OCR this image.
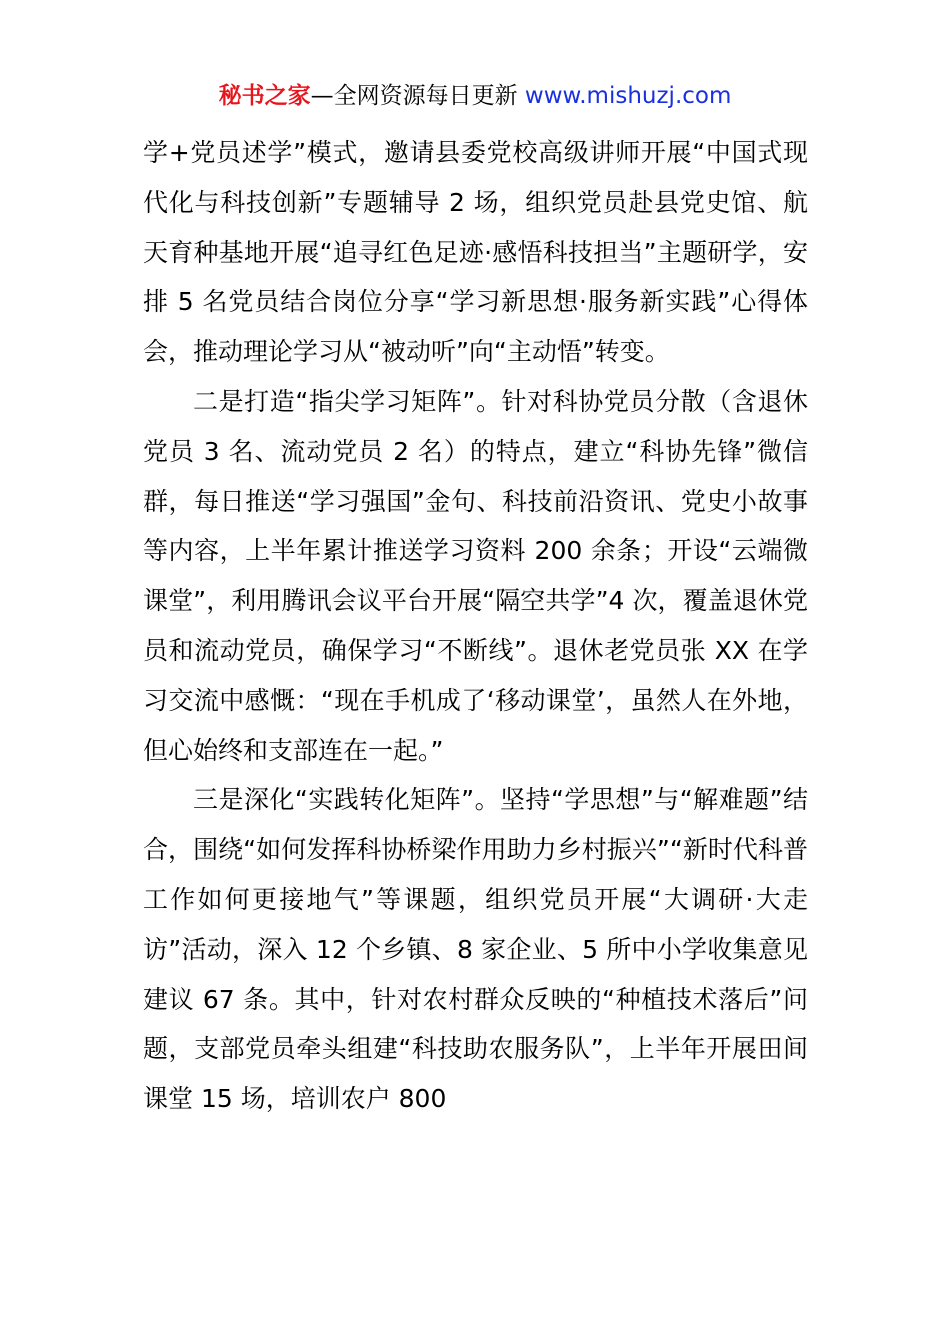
秘书之家—全网资源每日更新 www.mishuzj.com

学+党员述学”模式，邀请县委党校高级讲师开展“中国式现代化与科技创新”专题辅导 2 场，组织党员赴县党史馆、航天育种基地开展“追寻红色足迹·感悟科技担当”主题研学，安排 5 名党员结合岗位分享“学习新思想·服务新实践”心得体会，推动理论学习从“被动听”向“主动悟”转变。

二是打造“指尖学习矩阵”。针对科协党员分散（含退休党员 3 名、流动党员 2 名）的特点，建立“科协先锋”微信群，每日推送“学习强国”金句、科技前沿资讯、党史小故事等内容，上半年累计推送学习资料 200 余条；开设“云端微课堂”，利用腾讯会议平台开展“隔空共学”4 次，覆盖退休党员和流动党员，确保学习“不断线”。退休老党员张 XX 在学习交流中感慨：“现在手机成了‘移动课堂’，虽然人在外地，但心始终和支部连在一起。”

三是深化“实践转化矩阵”。坚持“学思想”与“解难题”结合，围绕“如何发挥科协桥梁作用助力乡村振兴”“新时代科普工作如何更接地气”等课题，组织党员开展“大调研·大走访”活动，深入 12 个乡镇、8 家企业、5 所中小学收集意见建议 67 条。其中，针对农村群众反映的“种植技术落后”问题，支部党员牵头组建“科技助农服务队”，上半年开展田间课堂 15 场，培训农户 800
